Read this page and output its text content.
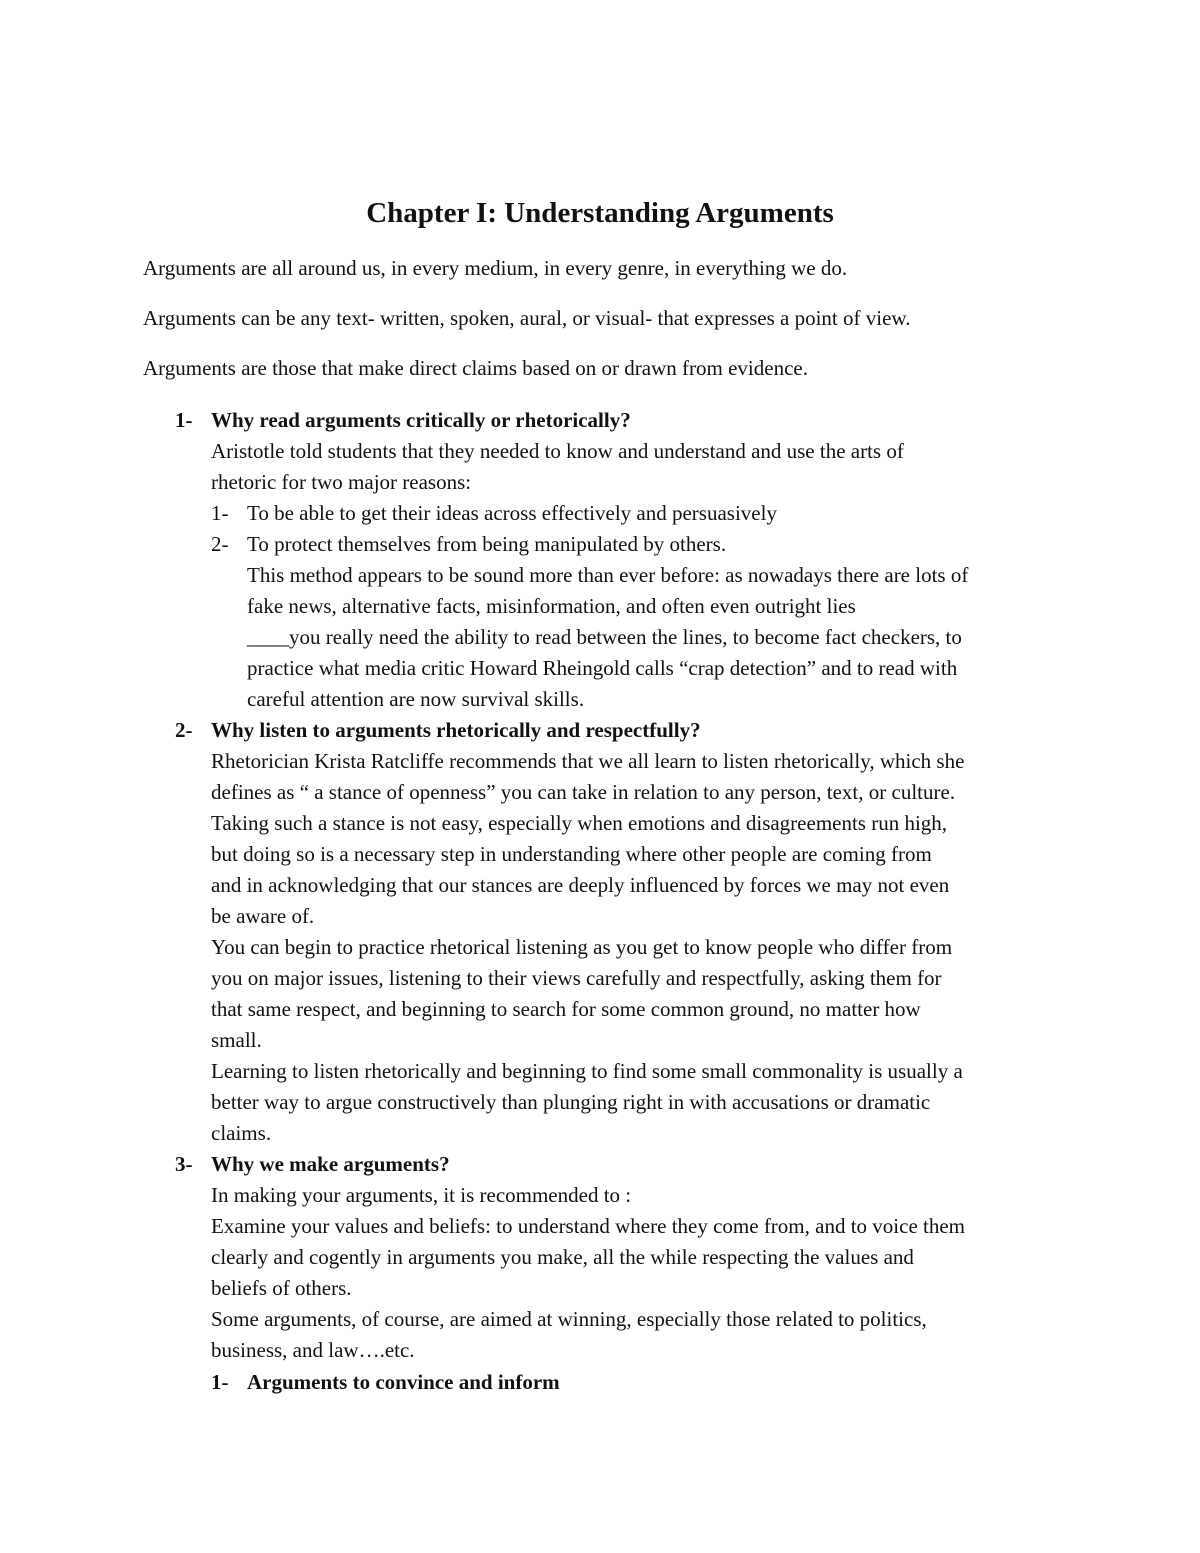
Chapter I: Understanding Arguments
Arguments are all around us, in every medium, in every genre, in everything we do.
Arguments can be any text- written, spoken, aural, or visual- that expresses a point of view.
Arguments are those that make direct claims based on or drawn from evidence.
1- Why read arguments critically or rhetorically?
Aristotle told students that they needed to know and understand and use the arts of
rhetoric for two major reasons:
1- To be able to get their ideas across effectively and persuasively
2- To protect themselves from being manipulated by others.
This method appears to be sound more than ever before: as nowadays there are lots of
fake news, alternative facts, misinformation, and often even outright lies
____you really need the ability to read between the lines, to become fact checkers, to
practice what media critic Howard Rheingold calls “crap detection” and to read with
careful attention are now survival skills.
2- Why listen to arguments rhetorically and respectfully?
Rhetorician Krista Ratcliffe recommends that we all learn to listen rhetorically, which she
defines as “ a stance of openness” you can take in relation to any person, text, or culture.
Taking such a stance is not easy, especially when emotions and disagreements run high,
but doing so is a necessary step in understanding where other people are coming from
and in acknowledging that our stances are deeply influenced by forces we may not even
be aware of.
You can begin to practice rhetorical listening as you get to know people who differ from
you on major issues, listening to their views carefully and respectfully, asking them for
that same respect, and beginning to search for some common ground, no matter how
small.
Learning to listen rhetorically and beginning to find some small commonality is usually a
better way to argue constructively than plunging right in with accusations or dramatic
claims.
3- Why we make arguments?
In making your arguments, it is recommended to :
Examine your values and beliefs: to understand where they come from, and to voice them
clearly and cogently in arguments you make, all the while respecting the values and
beliefs of others.
Some arguments, of course, are aimed at winning, especially those related to politics,
business, and law….etc.
1- Arguments to convince and inform
